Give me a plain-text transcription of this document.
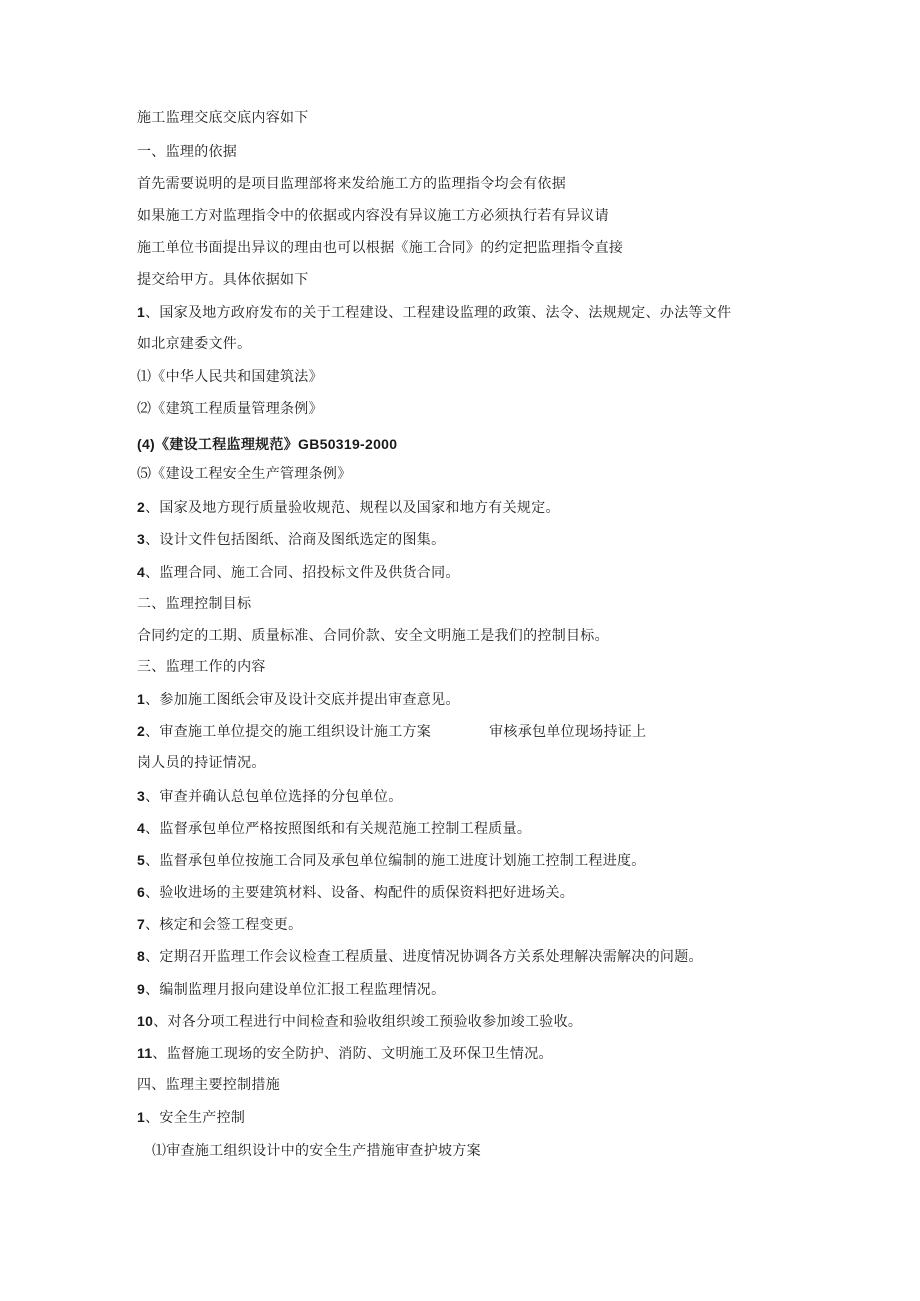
施工监理交底交底内容如下
一、监理的依据
首先需要说明的是项目监理部将来发给施工方的监理指令均会有依据
如果施工方对监理指令中的依据或内容没有异议施工方必须执行若有异议请
施工单位书面提出异议的理由也可以根据《施工合同》的约定把监理指令直接
提交给甲方。具体依据如下
1、国家及地方政府发布的关于工程建设、工程建设监理的政策、法令、法规规定、办法等文件
如北京建委文件。
⑴《中华人民共和国建筑法》
⑵《建筑工程质量管理条例》
(4)《建设工程监理规范》GB50319-2000
⑸《建设工程安全生产管理条例》
2、国家及地方现行质量验收规范、规程以及国家和地方有关规定。
3、设计文件包括图纸、洽商及图纸选定的图集。
4、监理合同、施工合同、招投标文件及供货合同。
二、监理控制目标
合同约定的工期、质量标准、合同价款、安全文明施工是我们的控制目标。
三、监理工作的内容
1、参加施工图纸会审及设计交底并提出审查意见。
2、审查施工单位提交的施工组织设计施工方案	审核承包单位现场持证上
岗人员的持证情况。
3、审查并确认总包单位选择的分包单位。
4、监督承包单位严格按照图纸和有关规范施工控制工程质量。
5、监督承包单位按施工合同及承包单位编制的施工进度计划施工控制工程进度。
6、验收进场的主要建筑材料、设备、构配件的质保资料把好进场关。
7、核定和会签工程变更。
8、定期召开监理工作会议检查工程质量、进度情况协调各方关系处理解决需解决的问题。
9、编制监理月报向建设单位汇报工程监理情况。
10、对各分项工程进行中间检查和验收组织竣工预验收参加竣工验收。
11、监督施工现场的安全防护、消防、文明施工及环保卫生情况。
四、监理主要控制措施
1、安全生产控制
⑴审查施工组织设计中的安全生产措施审查护坡方案
